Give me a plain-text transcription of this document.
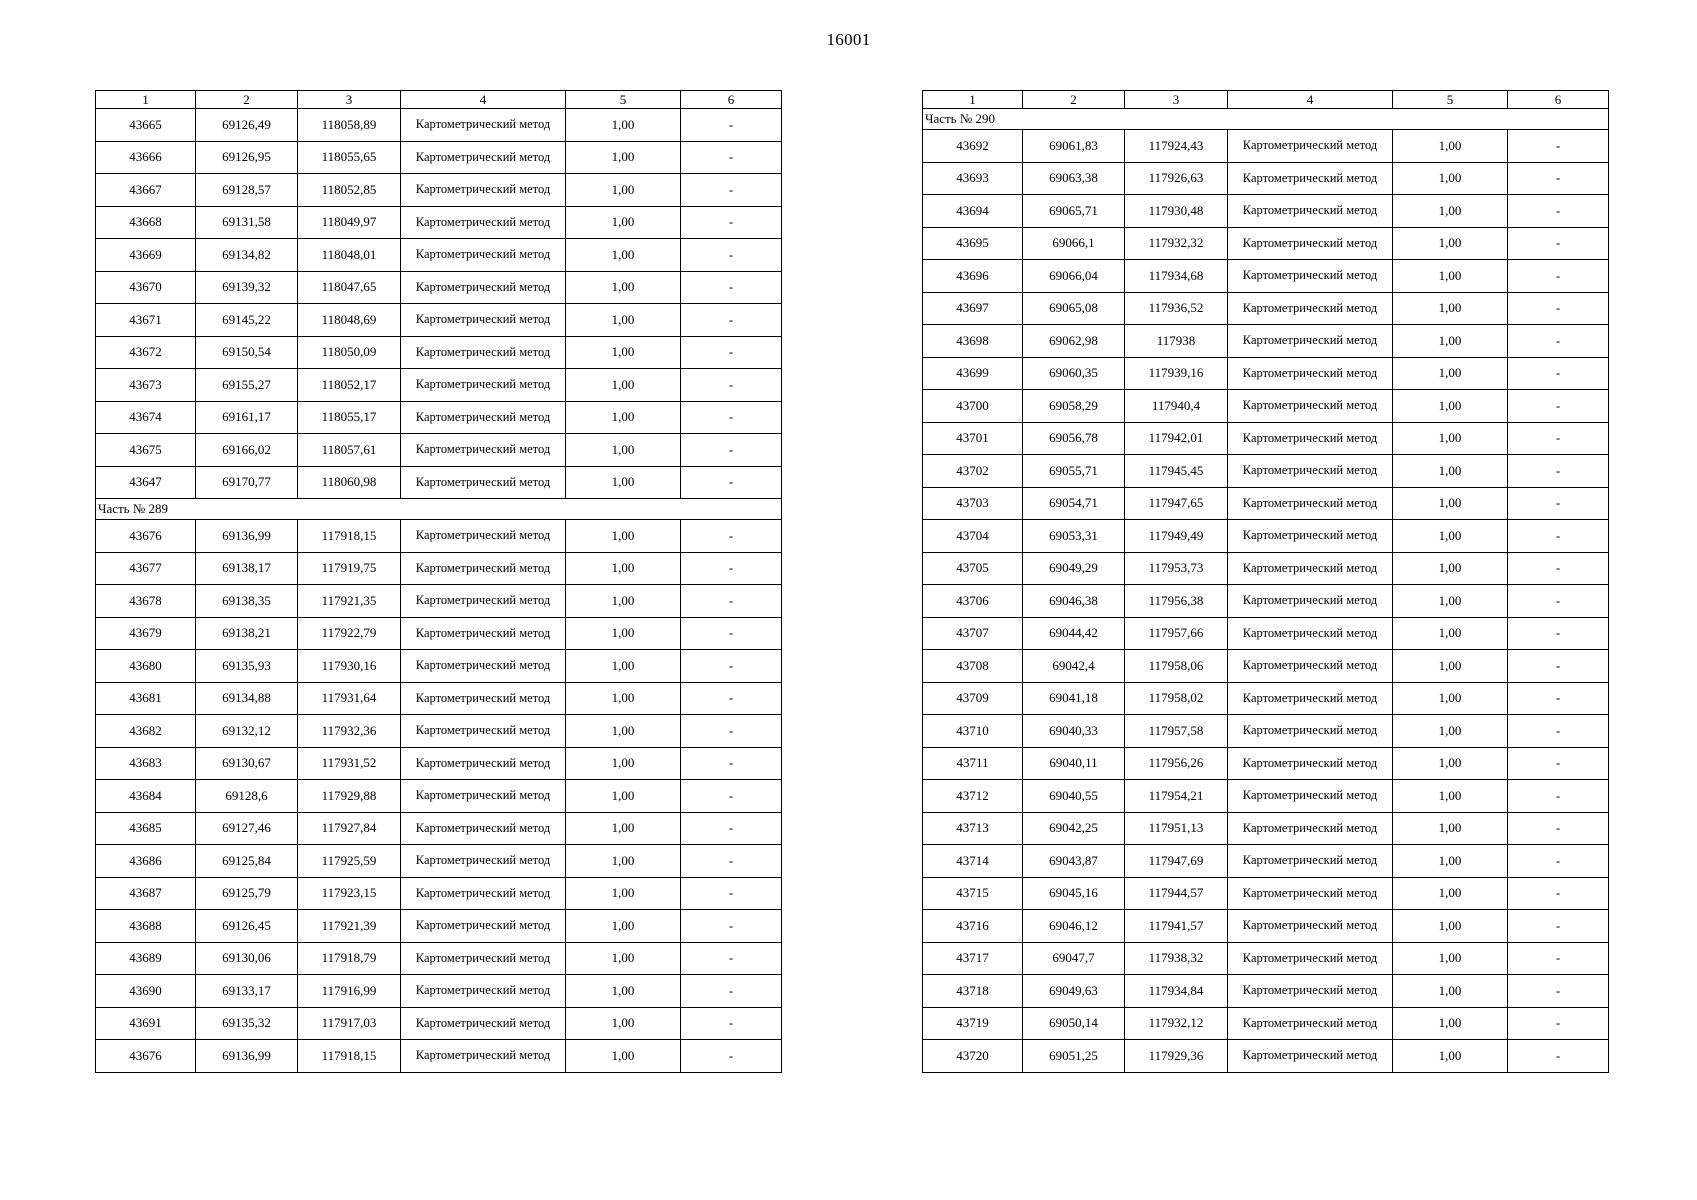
16001
1	2	3	4	5	6
43665	69126,49	118058,89	Картометрический метод	1,00	-
43666	69126,95	118055,65	Картометрический метод	1,00	-
43667	69128,57	118052,85	Картометрический метод	1,00	-
43668	69131,58	118049,97	Картометрический метод	1,00	-
43669	69134,82	118048,01	Картометрический метод	1,00	-
43670	69139,32	118047,65	Картометрический метод	1,00	-
43671	69145,22	118048,69	Картометрический метод	1,00	-
43672	69150,54	118050,09	Картометрический метод	1,00	-
43673	69155,27	118052,17	Картометрический метод	1,00	-
43674	69161,17	118055,17	Картометрический метод	1,00	-
43675	69166,02	118057,61	Картометрический метод	1,00	-
43647	69170,77	118060,98	Картометрический метод	1,00	-
Часть № 289					
43676	69136,99	117918,15	Картометрический метод	1,00	-
43677	69138,17	117919,75	Картометрический метод	1,00	-
43678	69138,35	117921,35	Картометрический метод	1,00	-
43679	69138,21	117922,79	Картометрический метод	1,00	-
43680	69135,93	117930,16	Картометрический метод	1,00	-
43681	69134,88	117931,64	Картометрический метод	1,00	-
43682	69132,12	117932,36	Картометрический метод	1,00	-
43683	69130,67	117931,52	Картометрический метод	1,00	-
43684	69128,6	117929,88	Картометрический метод	1,00	-
43685	69127,46	117927,84	Картометрический метод	1,00	-
43686	69125,84	117925,59	Картометрический метод	1,00	-
43687	69125,79	117923,15	Картометрический метод	1,00	-
43688	69126,45	117921,39	Картометрический метод	1,00	-
43689	69130,06	117918,79	Картометрический метод	1,00	-
43690	69133,17	117916,99	Картометрический метод	1,00	-
43691	69135,32	117917,03	Картометрический метод	1,00	-
43676	69136,99	117918,15	Картометрический метод	1,00	-
1	2	3	4	5	6
Часть № 290					
43692	69061,83	117924,43	Картометрический метод	1,00	-
43693	69063,38	117926,63	Картометрический метод	1,00	-
43694	69065,71	117930,48	Картометрический метод	1,00	-
43695	69066,1	117932,32	Картометрический метод	1,00	-
43696	69066,04	117934,68	Картометрический метод	1,00	-
43697	69065,08	117936,52	Картометрический метод	1,00	-
43698	69062,98	117938	Картометрический метод	1,00	-
43699	69060,35	117939,16	Картометрический метод	1,00	-
43700	69058,29	117940,4	Картометрический метод	1,00	-
43701	69056,78	117942,01	Картометрический метод	1,00	-
43702	69055,71	117945,45	Картометрический метод	1,00	-
43703	69054,71	117947,65	Картометрический метод	1,00	-
43704	69053,31	117949,49	Картометрический метод	1,00	-
43705	69049,29	117953,73	Картометрический метод	1,00	-
43706	69046,38	117956,38	Картометрический метод	1,00	-
43707	69044,42	117957,66	Картометрический метод	1,00	-
43708	69042,4	117958,06	Картометрический метод	1,00	-
43709	69041,18	117958,02	Картометрический метод	1,00	-
43710	69040,33	117957,58	Картометрический метод	1,00	-
43711	69040,11	117956,26	Картометрический метод	1,00	-
43712	69040,55	117954,21	Картометрический метод	1,00	-
43713	69042,25	117951,13	Картометрический метод	1,00	-
43714	69043,87	117947,69	Картометрический метод	1,00	-
43715	69045,16	117944,57	Картометрический метод	1,00	-
43716	69046,12	117941,57	Картометрический метод	1,00	-
43717	69047,7	117938,32	Картометрический метод	1,00	-
43718	69049,63	117934,84	Картометрический метод	1,00	-
43719	69050,14	117932,12	Картометрический метод	1,00	-
43720	69051,25	117929,36	Картометрический метод	1,00	-
